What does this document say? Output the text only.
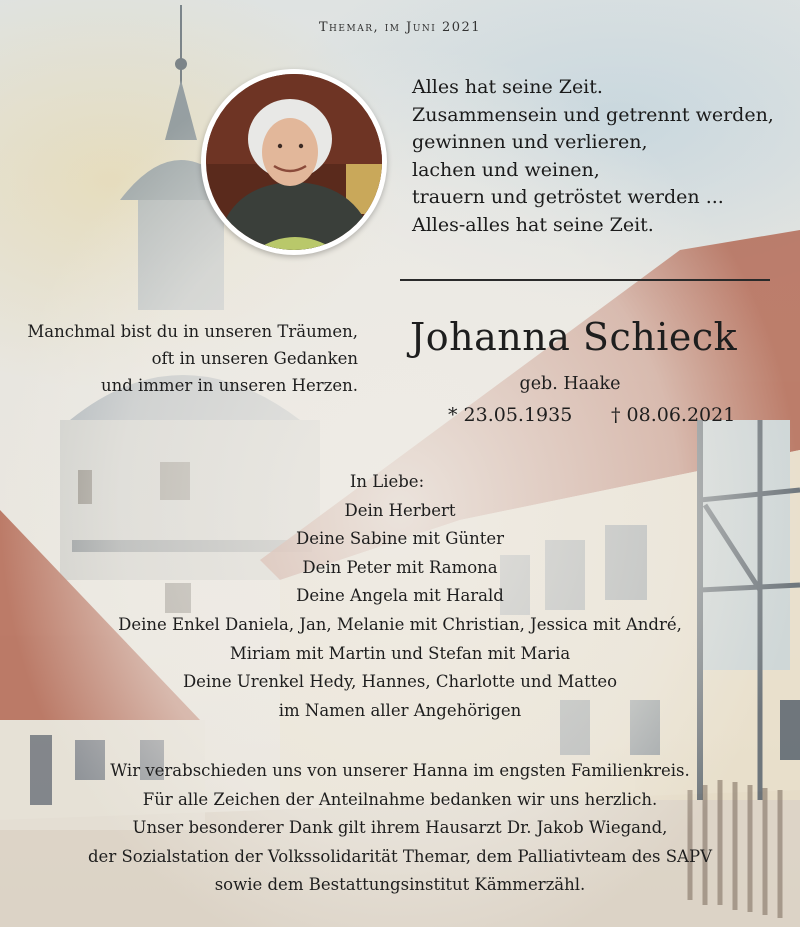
Themar, im Juni 2021
Alles hat seine Zeit.
Zusammensein und getrennt werden,
gewinnen und verlieren,
lachen und weinen,
trauern und getröstet werden ...
Alles-alles hat seine Zeit.
Manchmal bist du in unseren Träumen,
oft in unseren Gedanken
und immer in unseren Herzen.
Johanna Schieck
geb. Haake
* 23.05.1935 † 08.06.2021
In Liebe:
Dein Herbert
Deine Sabine mit Günter
Dein Peter mit Ramona
Deine Angela mit Harald
Deine Enkel Daniela, Jan, Melanie mit Christian, Jessica mit André,
Miriam mit Martin und Stefan mit Maria
Deine Urenkel Hedy, Hannes, Charlotte und Matteo
im Namen aller Angehörigen
Wir verabschieden uns von unserer Hanna im engsten Familienkreis.
Für alle Zeichen der Anteilnahme bedanken wir uns herzlich.
Unser besonderer Dank gilt ihrem Hausarzt Dr. Jakob Wiegand,
der Sozialstation der Volkssolidarität Themar, dem Palliativteam des SAPV
sowie dem Bestattungsinstitut Kämmerzähl.
